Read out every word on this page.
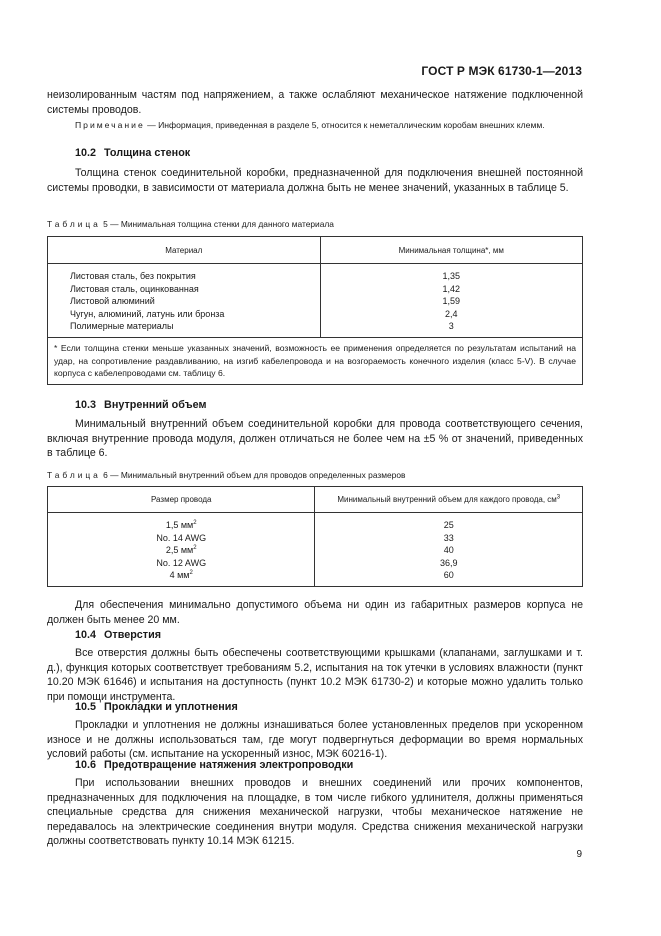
ГОСТ Р МЭК 61730-1—2013

неизолированным частям под напряжением, а также ослабляют механическое натяжение подключенной системы проводов.

Примечание — Информация, приведенная в разделе 5, относится к неметаллическим коробам внешних клемм.

10.2 Толщина стенок

Толщина стенок соединительной коробки, предназначенной для подключения внешней постоянной системы проводки, в зависимости от материала должна быть не менее значений, указанных в таблице 5.

Таблица 5 — Минимальная толщина стенки для данного материала
Материал	Минимальная толщина*, мм
Листовая сталь, без покрытия	1,35
Листовая сталь, оцинкованная	1,42
Листовой алюминий	1,59
Чугун, алюминий, латунь или бронза	2,4
Полимерные материалы	3
* Если толщина стенки меньше указанных значений, возможность ее применения определяется по результатам испытаний на удар, на сопротивление раздавливанию, на изгиб кабелепровода и на возгораемость конечного изделия (класс 5-V). В случае корпуса с кабелепроводами см. таблицу 6.	
10.3 Внутренний объем

Минимальный внутренний объем соединительной коробки для провода соответствующего сечения, включая внутренние провода модуля, должен отличаться не более чем на ±5 % от значений, приведенных в таблице 6.

Таблица 6 — Минимальный внутренний объем для проводов определенных размеров
Размер провода	Минимальный внутренний объем для каждого провода, $см^3$
1,5 $мм^2$	25
No. 14 AWG	33
2,5 $мм^2$	40
No. 12 AWG	36,9
4 $мм^2$	60

Для обеспечения минимально допустимого объема ни один из габаритных размеров корпуса не должен быть менее 20 мм.

10.4 Отверстия

Все отверстия должны быть обеспечены соответствующими крышками (клапанами, заглушками и т. д.), функция которых соответствует требованиям 5.2, испытания на ток утечки в условиях влажности (пункт 10.20 МЭК 61646) и испытания на доступность (пункт 10.2 МЭК 61730-2) и которые можно удалить только при помощи инструмента.

10.5 Прокладки и уплотнения

Прокладки и уплотнения не должны изнашиваться более установленных пределов при ускоренном износе и не должны использоваться там, где могут подвергнуться деформации во время нормальных условий работы (см. испытание на ускоренный износ, МЭК 60216-1).

10.6 Предотвращение натяжения электропроводки

При использовании внешних проводов и внешних соединений или прочих компонентов, предназначенных для подключения на площадке, в том числе гибкого удлинителя, должны применяться специальные средства для снижения механической нагрузки, чтобы механическое натяжение не передавалось на электрические соединения внутри модуля. Средства снижения механической нагрузки должны соответствовать пункту 10.14 МЭК 61215.

9
